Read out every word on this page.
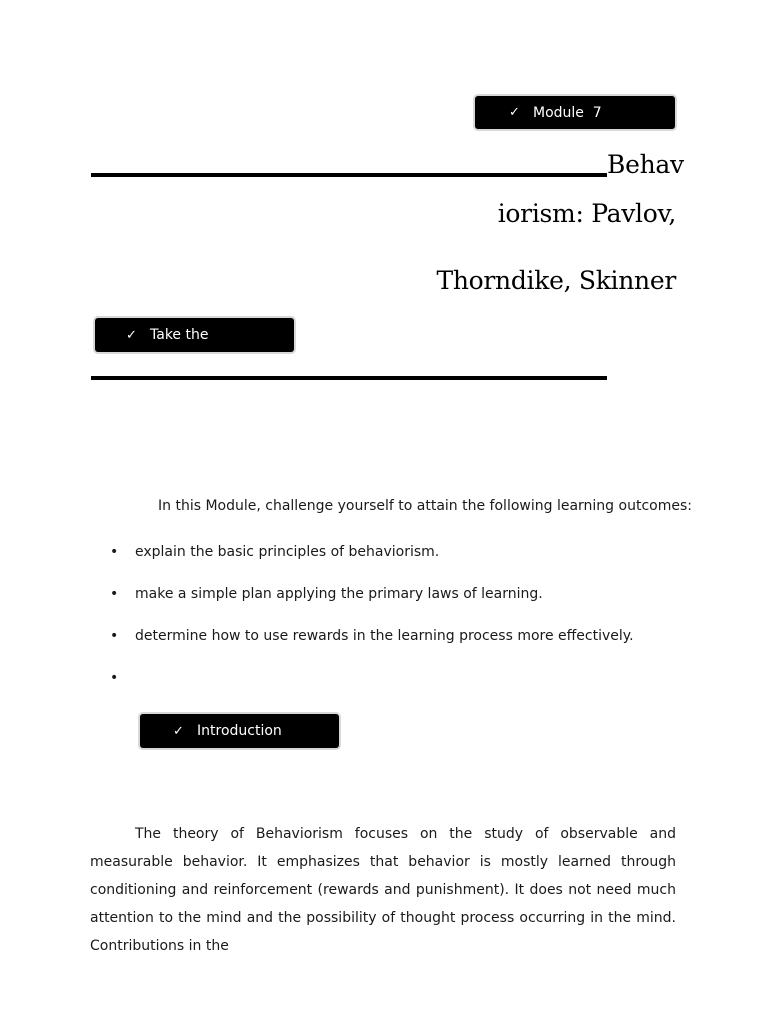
✓ Module  7
Behav
iorism: Pavlov,
Thorndike, Skinner
✓ Take the
In this Module, challenge yourself to attain the following learning outcomes:
• explain the basic principles of behaviorism.
• make a simple plan applying the primary laws of learning.
• determine how to use rewards in the learning process more effectively.
•
✓ Introduction

The theory of Behaviorism focuses on the study of observable and measurable behavior. It emphasizes that behavior is mostly learned through conditioning and reinforcement (rewards and punishment). It does not need much attention to the mind and the possibility of thought process occurring in the mind. Contributions in the
